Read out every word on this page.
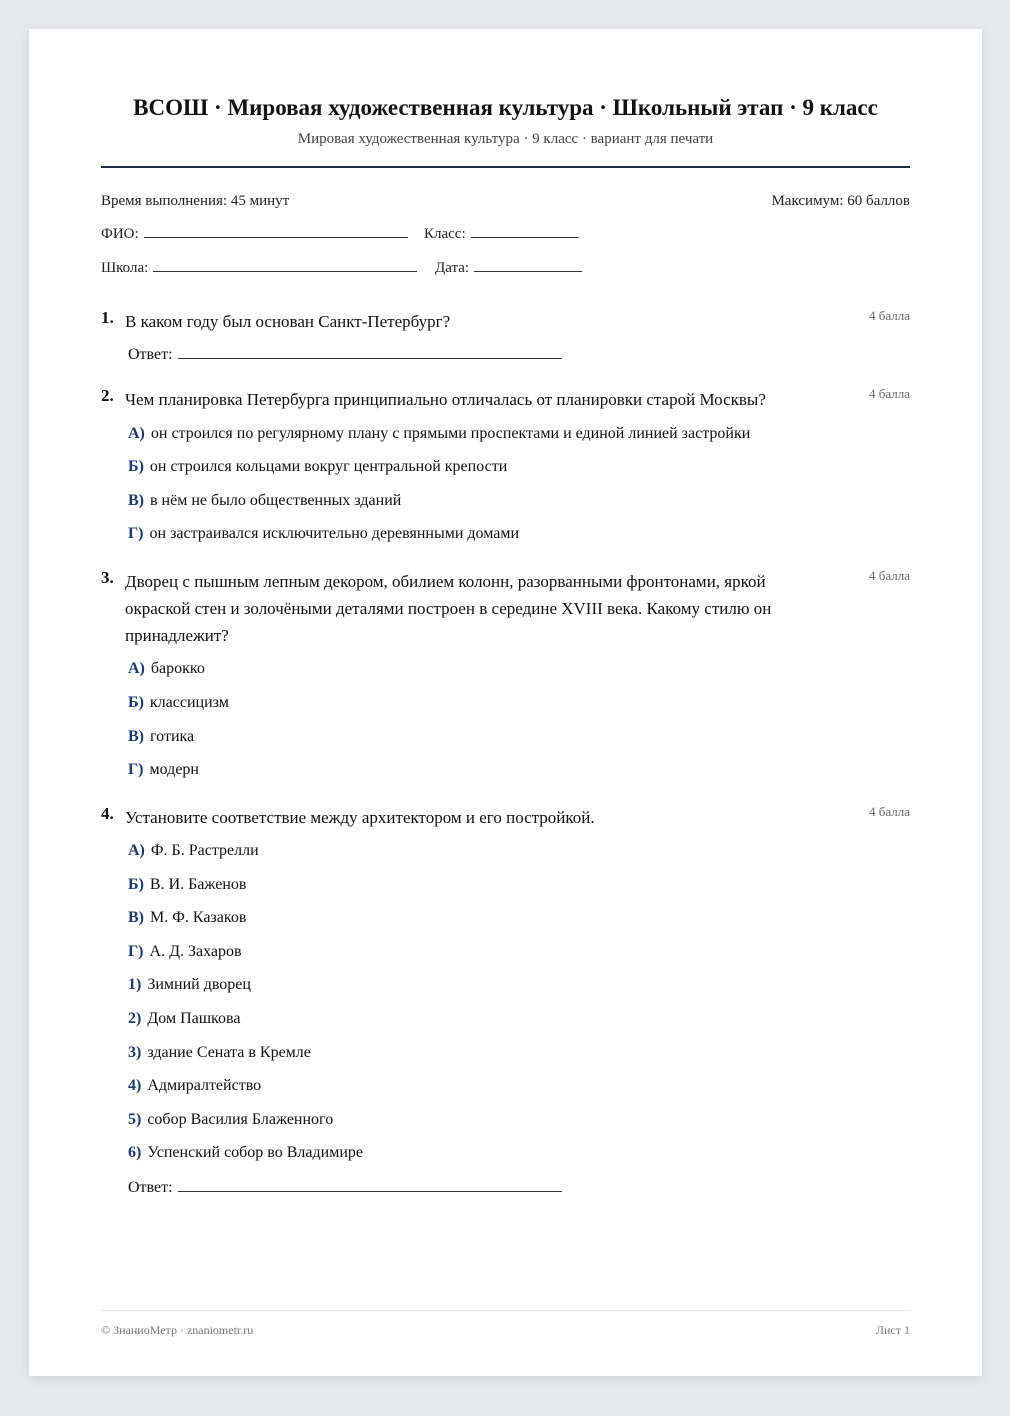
ВСОШ · Мировая художественная культура · Школьный этап · 9 класс
Мировая художественная культура · 9 класс · вариант для печати
Время выполнения: 45 минут	Максимум: 60 баллов
ФИО:	Класс:
Школа:	Дата:
1. В каком году был основан Санкт-Петербург?	4 балла
Ответ:
2. Чем планировка Петербурга принципиально отличалась от планировки старой Москвы?	4 балла
А) он строился по регулярному плану с прямыми проспектами и единой линией застройки
Б) он строился кольцами вокруг центральной крепости
В) в нём не было общественных зданий
Г) он застраивался исключительно деревянными домами
3. Дворец с пышным лепным декором, обилием колонн, разорванными фронтонами, яркой окраской стен и золочёными деталями построен в середине XVIII века. Какому стилю он принадлежит?
4 балла
А) барокко
Б) классицизм
В) готика
Г) модерн
4. Установите соответствие между архитектором и его постройкой.	4 балла
А) Ф. Б. Растрелли
Б) В. И. Баженов
В) М. Ф. Казаков
Г) А. Д. Захаров
1) Зимний дворец
2) Дом Пашкова
3) здание Сената в Кремле
4) Адмиралтейство
5) собор Василия Блаженного
6) Успенский собор во Владимире
Ответ:
© ЗнаниоМетр · znaniometr.ru	Лист 1
